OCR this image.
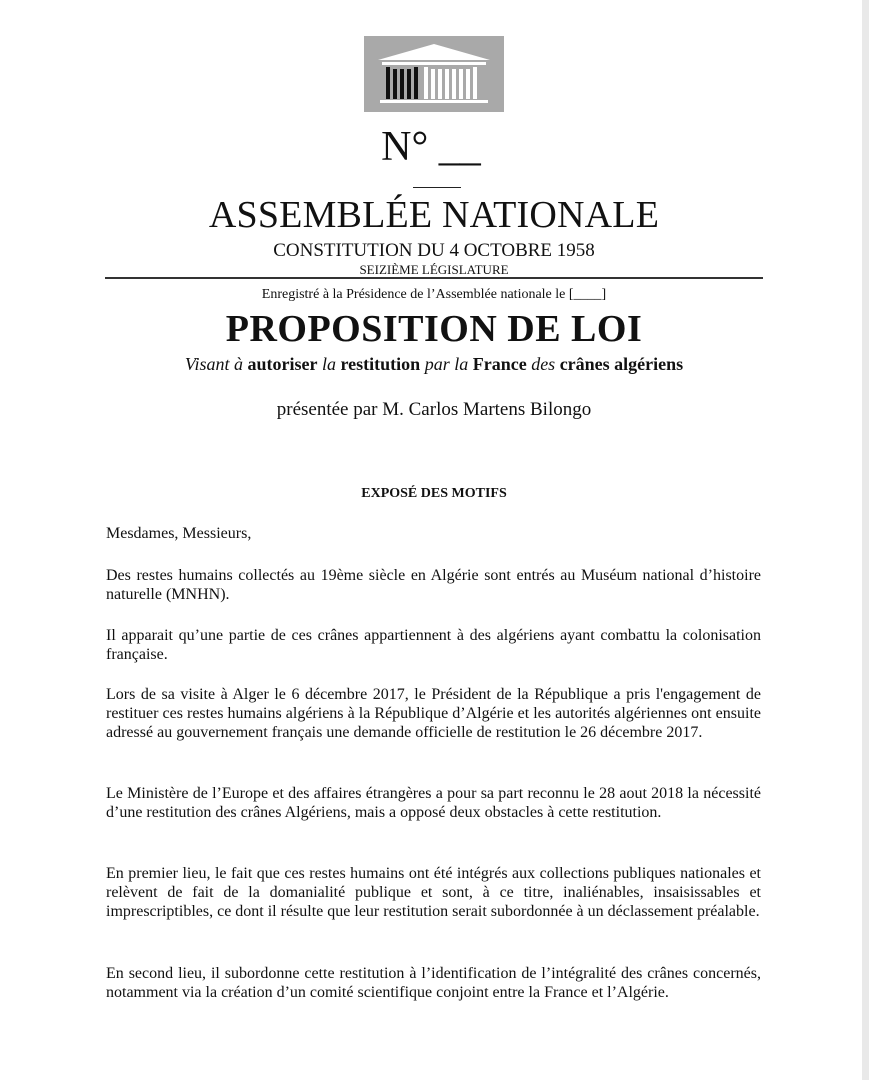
N° __
ASSEMBLÉE NATIONALE
CONSTITUTION DU 4 OCTOBRE 1958
SEIZIÈME LÉGISLATURE
Enregistré à la Présidence de l’Assemblée nationale le [____]
PROPOSITION DE LOI
Visant à autoriser la restitution par la France des crânes algériens
présentée par M. Carlos Martens Bilongo
EXPOSÉ DES MOTIFS

Mesdames, Messieurs,

Des restes humains collectés au 19ème siècle en Algérie sont entrés au Muséum national d’histoire naturelle (MNHN).

Il apparait qu’une partie de ces crânes appartiennent à des algériens ayant combattu la colonisation française.

Lors de sa visite à Alger le 6 décembre 2017, le Président de la République a pris l'engagement de restituer ces restes humains algériens à la République d’Algérie et les autorités algériennes ont ensuite adressé au gouvernement français une demande officielle de restitution le 26 décembre 2017.

Le Ministère de l’Europe et des affaires étrangères a pour sa part reconnu le 28 aout 2018 la nécessité d’une restitution des crânes Algériens, mais a opposé deux obstacles à cette restitution.

En premier lieu, le fait que ces restes humains ont été intégrés aux collections publiques nationales et relèvent de fait de la domanialité publique et sont, à ce titre, inaliénables, insaisissables et imprescriptibles, ce dont il résulte que leur restitution serait subordonnée à un déclassement préalable.

En second lieu, il subordonne cette restitution à l’identification de l’intégralité des crânes concernés, notamment via la création d’un comité scientifique conjoint entre la France et l’Algérie.
